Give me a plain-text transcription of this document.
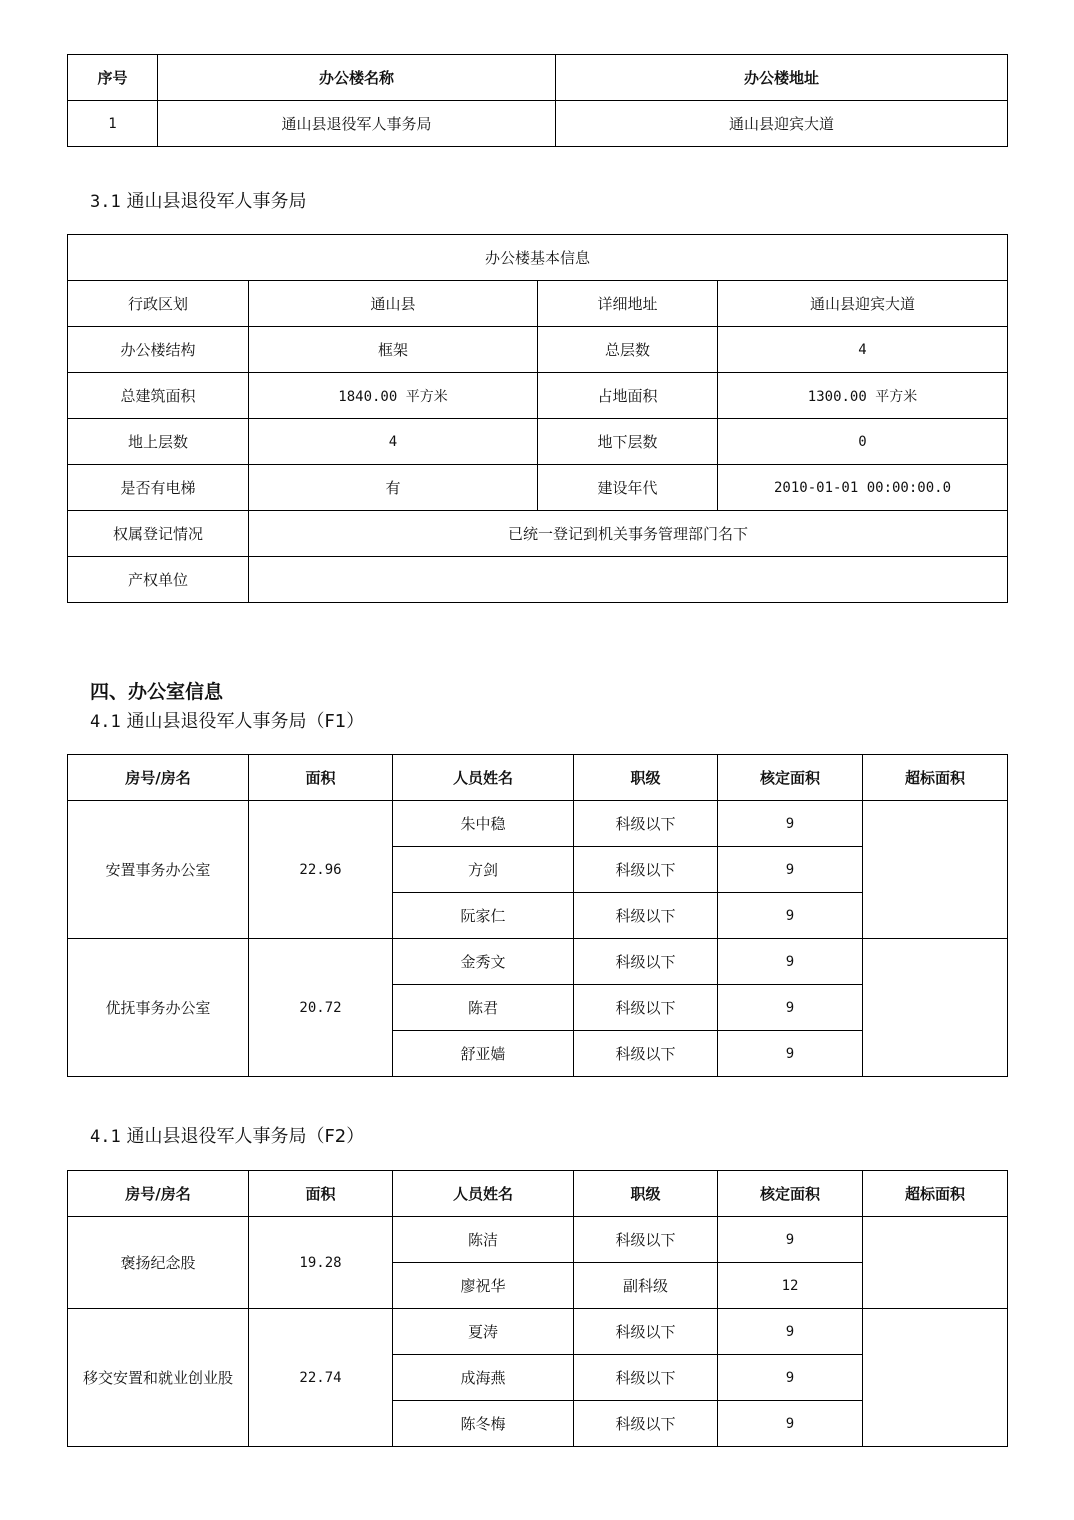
序号	办公楼名称	办公楼地址
1	通山县退役军人事务局	通山县迎宾大道
3.1 通山县退役军人事务局
办公楼基本信息			
行政区划	通山县	详细地址	通山县迎宾大道
办公楼结构	框架	总层数	4
总建筑面积	1840.00 平方米	占地面积	1300.00 平方米
地上层数	4	地下层数	0
是否有电梯	有	建设年代	2010-01-01 00:00:00.0
权属登记情况	已统一登记到机关事务管理部门名下		
产权单位			
四、办公室信息
4.1 通山县退役军人事务局（F1）
房号/房名	面积	人员姓名	职级	核定面积	超标面积
安置事务办公室	22.96	朱中稳	科级以下	9	
		方剑	科级以下	9	
		阮家仁	科级以下	9	
优抚事务办公室	20.72	金秀文	科级以下	9	
		陈君	科级以下	9	
		舒亚嫱	科级以下	9	
4.1 通山县退役军人事务局（F2）
房号/房名	面积	人员姓名	职级	核定面积	超标面积
褒扬纪念股	19.28	陈洁	科级以下	9	
		廖祝华	副科级	12	
移交安置和就业创业股	22.74	夏涛	科级以下	9	
		成海燕	科级以下	9	
		陈冬梅	科级以下	9	
